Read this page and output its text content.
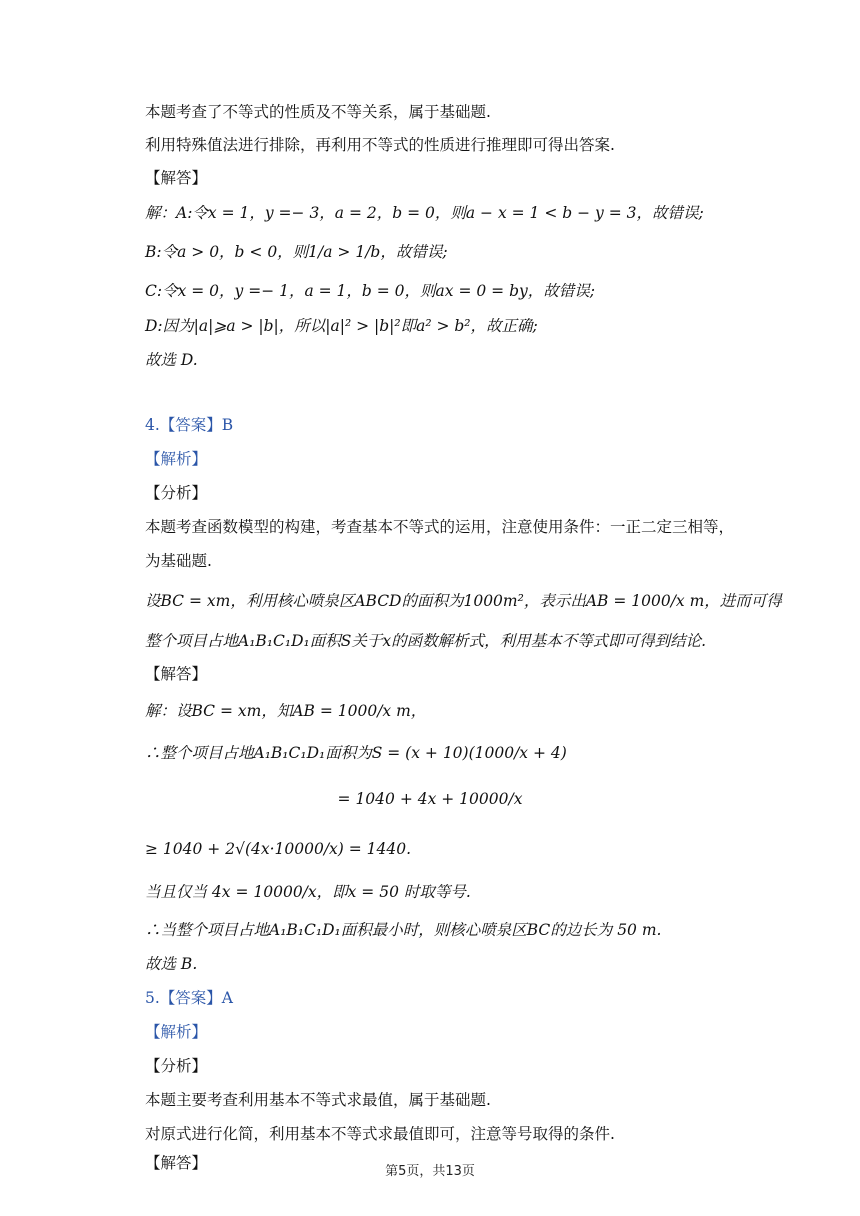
本题考查了不等式的性质及不等关系，属于基础题.
利用特殊值法进行排除，再利用不等式的性质进行推理即可得出答案.
【解答】
解：A:令x = 1，y =− 3，a = 2，b = 0，则a − x = 1 < b − y = 3，故错误;
B:令a > 0，b < 0，则1/a > 1/b，故错误;
C:令x = 0，y =− 1，a = 1，b = 0，则ax = 0 = by，故错误;
D:因为|a|⩾a > |b|，所以|a|² > |b|²即a² > b²，故正确;
故选 D.
4.【答案】B
【解析】
【分析】
本题考查函数模型的构建，考查基本不等式的运用，注意使用条件：一正二定三相等，
为基础题.
设BC = xm，利用核心喷泉区ABCD的面积为1000m²，表示出AB = 1000/x m，进而可得
整个项目占地A₁B₁C₁D₁面积S关于x的函数解析式，利用基本不等式即可得到结论.
【解答】
解：设BC = xm，知AB = 1000/x m，
∴整个项目占地A₁B₁C₁D₁面积为S = (x + 10)(1000/x + 4)
= 1040 + 4x + 10000/x
≥ 1040 + 2√(4x·10000/x) = 1440.
当且仅当 4x = 10000/x，即x = 50 时取等号.
∴当整个项目占地A₁B₁C₁D₁面积最小时，则核心喷泉区BC的边长为 50 m.
故选 B.
5.【答案】A
【解析】
【分析】
本题主要考查利用基本不等式求最值，属于基础题.
对原式进行化简，利用基本不等式求最值即可，注意等号取得的条件.
【解答】	第5页，共13页
